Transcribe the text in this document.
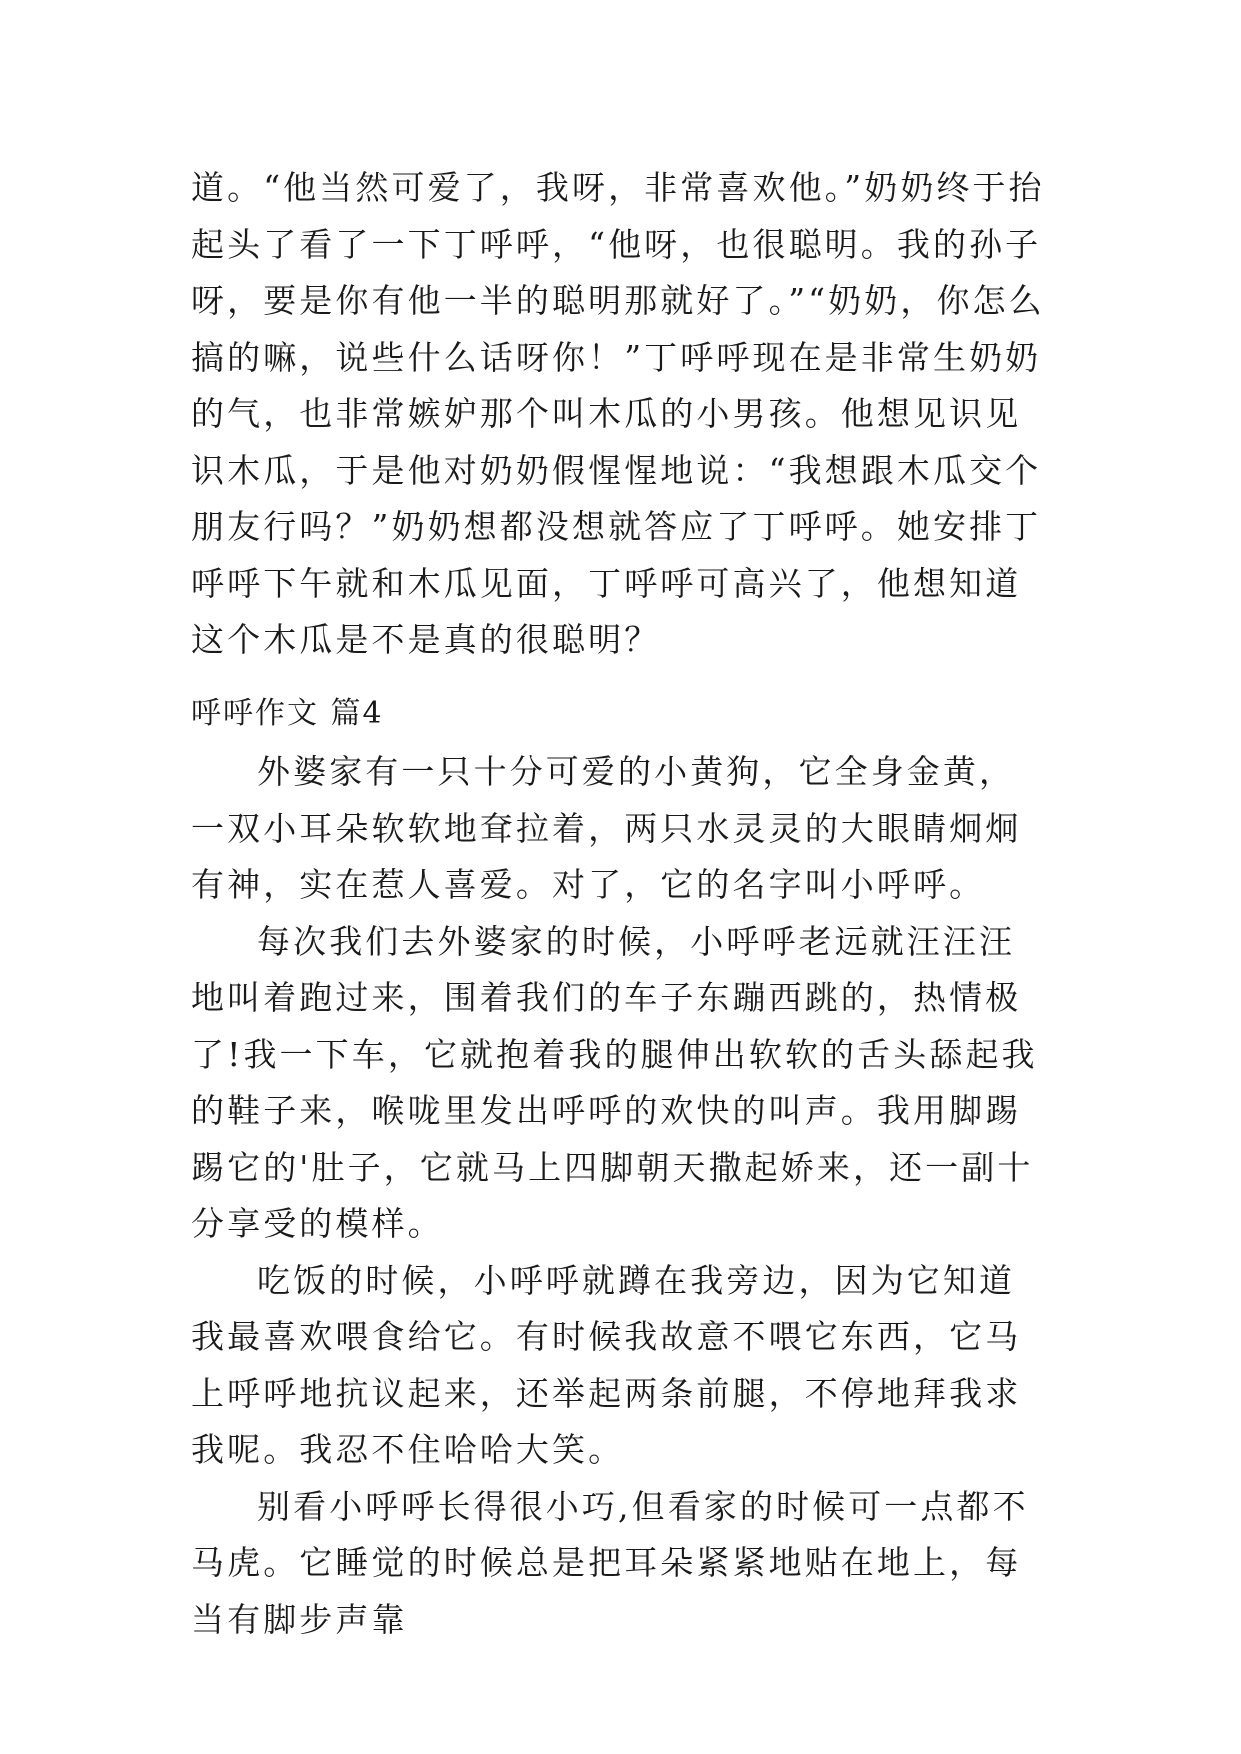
道。“他当然可爱了，我呀，非常喜欢他。”奶奶终于抬起头了看了一下丁呼呼，“他呀，也很聪明。我的孙子呀，要是你有他一半的聪明那就好了。”“奶奶，你怎么搞的嘛，说些什么话呀你！”丁呼呼现在是非常生奶奶的气，也非常嫉妒那个叫木瓜的小男孩。他想见识见识木瓜，于是他对奶奶假惺惺地说：“我想跟木瓜交个朋友行吗？”奶奶想都没想就答应了丁呼呼。她安排丁呼呼下午就和木瓜见面，丁呼呼可高兴了，他想知道这个木瓜是不是真的很聪明？

呼呼作文 篇4

外婆家有一只十分可爱的小黄狗，它全身金黄，一双小耳朵软软地耷拉着，两只水灵灵的大眼睛炯炯有神，实在惹人喜爱。对了，它的名字叫小呼呼。

每次我们去外婆家的时候，小呼呼老远就汪汪汪地叫着跑过来，围着我们的车子东蹦西跳的，热情极了!我一下车，它就抱着我的腿伸出软软的舌头舔起我的鞋子来，喉咙里发出呼呼的欢快的叫声。我用脚踢踢它的'肚子，它就马上四脚朝天撒起娇来，还一副十分享受的模样。

吃饭的时候，小呼呼就蹲在我旁边，因为它知道我最喜欢喂食给它。有时候我故意不喂它东西，它马上呼呼地抗议起来，还举起两条前腿，不停地拜我求我呢。我忍不住哈哈大笑。

别看小呼呼长得很小巧,但看家的时候可一点都不马虎。它睡觉的时候总是把耳朵紧紧地贴在地上，每当有脚步声靠
